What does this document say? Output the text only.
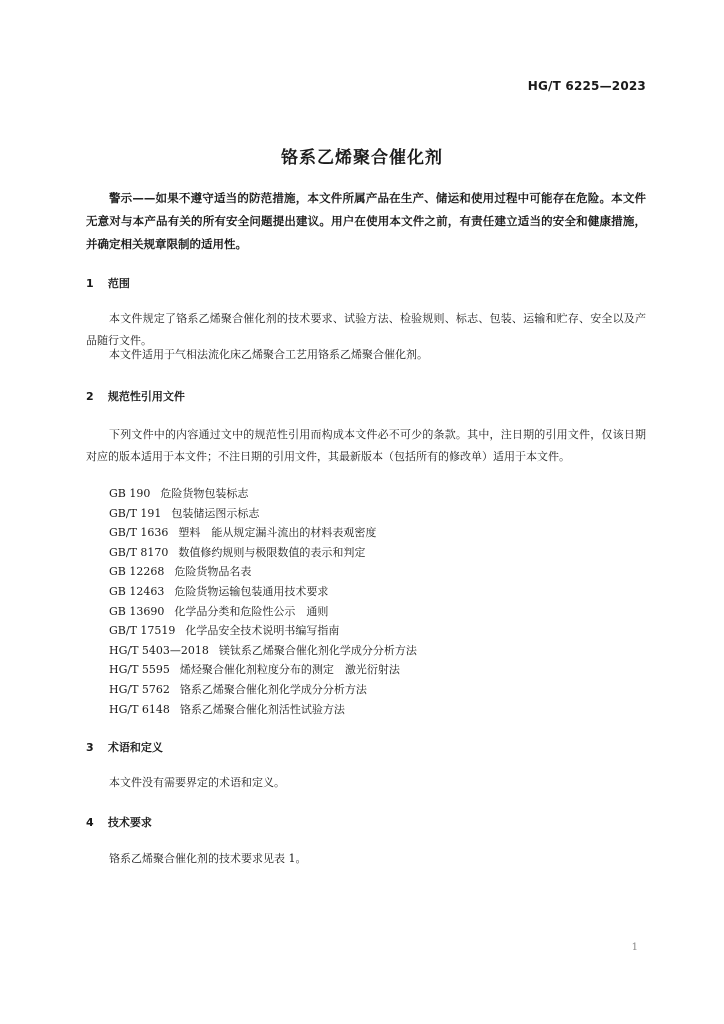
HG/T 6225—2023
铬系乙烯聚合催化剂

警示——如果不遵守适当的防范措施，本文件所属产品在生产、储运和使用过程中可能存在危险。本文件无意对与本产品有关的所有安全问题提出建议。用户在使用本文件之前，有责任建立适当的安全和健康措施，并确定相关规章限制的适用性。

1 范围

本文件规定了铬系乙烯聚合催化剂的技术要求、试验方法、检验规则、标志、包装、运输和贮存、安全以及产品随行文件。

本文件适用于气相法流化床乙烯聚合工艺用铬系乙烯聚合催化剂。

2 规范性引用文件

下列文件中的内容通过文中的规范性引用而构成本文件必不可少的条款。其中，注日期的引用文件，仅该日期对应的版本适用于本文件；不注日期的引用文件，其最新版本（包括所有的修改单）适用于本文件。

GB 190 危险货物包装标志
GB/T 191 包装储运图示标志
GB/T 1636 塑料　能从规定漏斗流出的材料表观密度
GB/T 8170 数值修约规则与极限数值的表示和判定
GB 12268 危险货物品名表
GB 12463 危险货物运输包装通用技术要求
GB 13690 化学品分类和危险性公示　通则
GB/T 17519 化学品安全技术说明书编写指南
HG/T 5403—2018 镁钛系乙烯聚合催化剂化学成分分析方法
HG/T 5595 烯烃聚合催化剂粒度分布的测定　激光衍射法
HG/T 5762 铬系乙烯聚合催化剂化学成分分析方法
HG/T 6148 铬系乙烯聚合催化剂活性试验方法
3 术语和定义

本文件没有需要界定的术语和定义。

4 技术要求

铬系乙烯聚合催化剂的技术要求见表 1。

1
